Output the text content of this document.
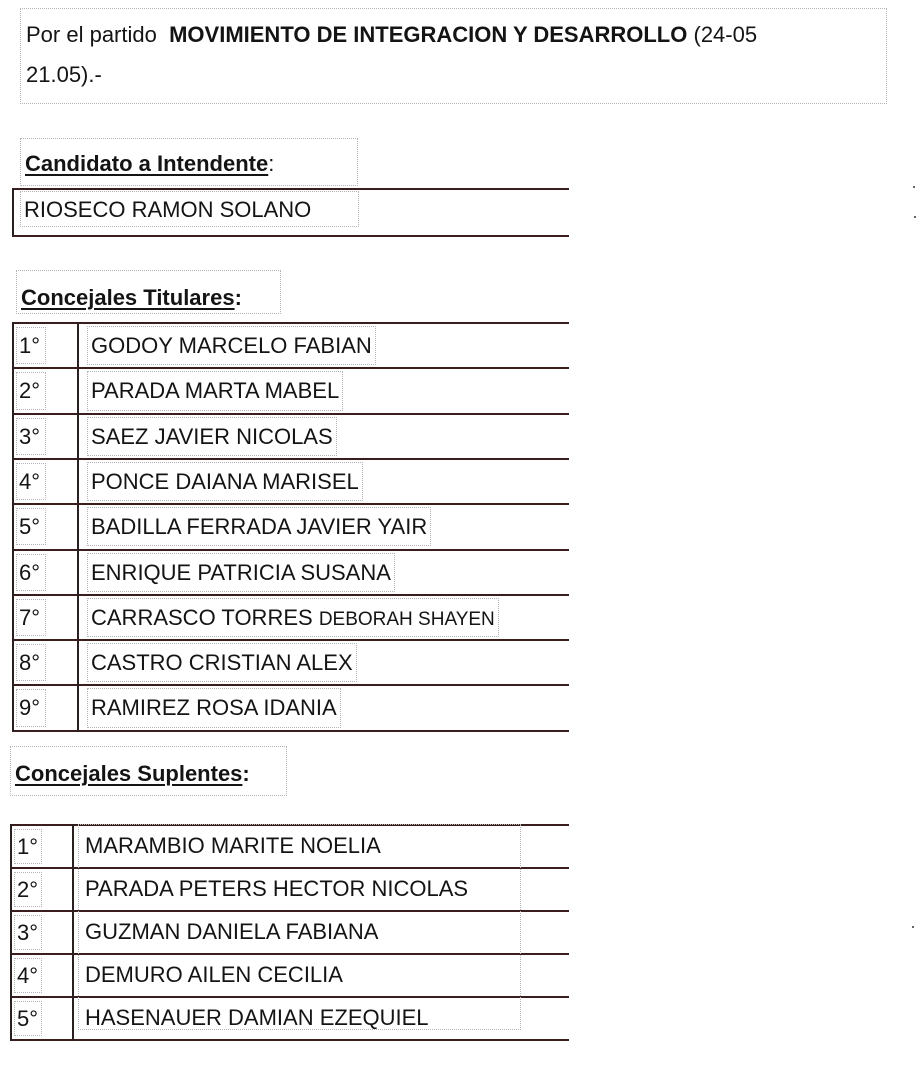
Por el partido MOVIMIENTO DE INTEGRACION Y DESARROLLO (24-05
21.05).-
Candidato a Intendente:
RIOSECO RAMON SOLANO
Concejales Titulares:
1° GODOY MARCELO FABIAN
2° PARADA MARTA MABEL
3° SAEZ JAVIER NICOLAS
4° PONCE DAIANA MARISEL
5° BADILLA FERRADA JAVIER YAIR
6° ENRIQUE PATRICIA SUSANA
7° CARRASCO TORRES DEBORAH SHAYEN
8° CASTRO CRISTIAN ALEX
9° RAMIREZ ROSA IDANIA
Concejales Suplentes:
1° MARAMBIO MARITE NOELIA
2° PARADA PETERS HECTOR NICOLAS
3° GUZMAN DANIELA FABIANA
4° DEMURO AILEN CECILIA
5° HASENAUER DAMIAN EZEQUIEL
